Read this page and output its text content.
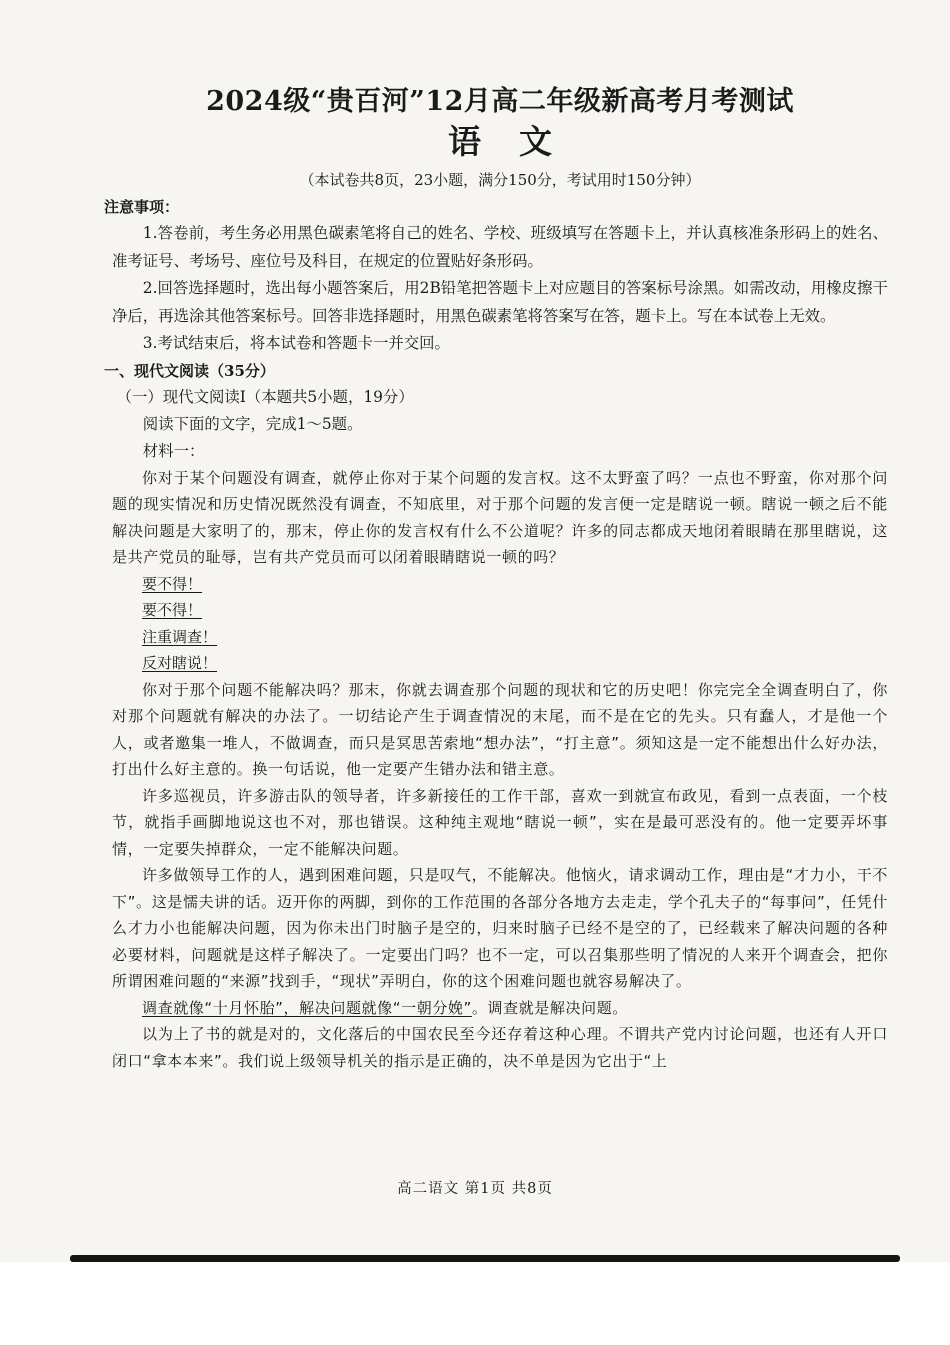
2024级“贵百河”12月高二年级新高考月考测试
语文
（本试卷共8页，23小题，满分150分，考试用时150分钟）
注意事项：

1.答卷前，考生务必用黑色碳素笔将自己的姓名、学校、班级填写在答题卡上，并认真核准条形码上的姓名、准考证号、考场号、座位号及科目，在规定的位置贴好条形码。

2.回答选择题时，选出每小题答案后，用2B铅笔把答题卡上对应题目的答案标号涂黑。如需改动，用橡皮擦干净后，再选涂其他答案标号。回答非选择题时，用黑色碳素笔将答案写在答，题卡上。写在本试卷上无效。

3.考试结束后，将本试卷和答题卡一并交回。

一、现代文阅读（35分）

（一）现代文阅读Ⅰ（本题共5小题，19分）

阅读下面的文字，完成1～5题。

材料一：

你对于某个问题没有调查，就停止你对于某个问题的发言权。这不太野蛮了吗？一点也不野蛮，你对那个问题的现实情况和历史情况既然没有调查，不知底里，对于那个问题的发言便一定是瞎说一顿。瞎说一顿之后不能解决问题是大家明了的，那末，停止你的发言权有什么不公道呢？许多的同志都成天地闭着眼睛在那里瞎说，这是共产党员的耻辱，岂有共产党员而可以闭着眼睛瞎说一顿的吗？

要不得！

要不得！

注重调查！

反对瞎说！

你对于那个问题不能解决吗？那末，你就去调查那个问题的现状和它的历史吧！你完完全全调查明白了，你对那个问题就有解决的办法了。一切结论产生于调查情况的末尾，而不是在它的先头。只有蠢人，才是他一个人，或者邀集一堆人，不做调查，而只是冥思苦索地“想办法”，“打主意”。须知这是一定不能想出什么好办法，打出什么好主意的。换一句话说，他一定要产生错办法和错主意。

许多巡视员，许多游击队的领导者，许多新接任的工作干部，喜欢一到就宣布政见，看到一点表面，一个枝节，就指手画脚地说这也不对，那也错误。这种纯主观地“瞎说一顿”，实在是最可恶没有的。他一定要弄坏事情，一定要失掉群众，一定不能解决问题。

许多做领导工作的人，遇到困难问题，只是叹气，不能解决。他恼火，请求调动工作，理由是“才力小，干不下”。这是懦夫讲的话。迈开你的两脚，到你的工作范围的各部分各地方去走走，学个孔夫子的“每事问”，任凭什么才力小也能解决问题，因为你未出门时脑子是空的，归来时脑子已经不是空的了，已经载来了解决问题的各种必要材料，问题就是这样子解决了。一定要出门吗？也不一定，可以召集那些明了情况的人来开个调查会，把你所谓困难问题的“来源”找到手，“现状”弄明白，你的这个困难问题也就容易解决了。

调查就像“十月怀胎”，解决问题就像“一朝分娩”。调查就是解决问题。

以为上了书的就是对的，文化落后的中国农民至今还存着这种心理。不谓共产党内讨论问题，也还有人开口闭口“拿本本来”。我们说上级领导机关的指示是正确的，决不单是因为它出于“上

高二语文 第1页 共8页
